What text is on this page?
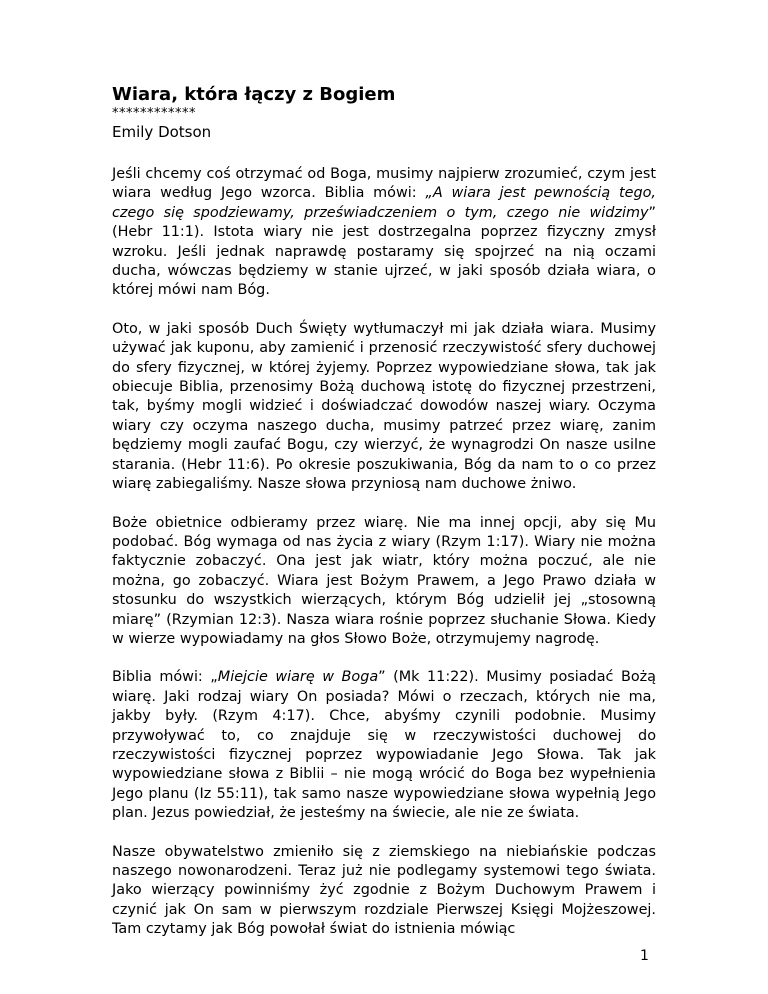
Wiara, która łączy z Bogiem
************
Emily Dotson

Jeśli chcemy coś otrzymać od Boga, musimy najpierw zrozumieć, czym jest wiara według Jego wzorca. Biblia mówi: „A wiara jest pewnością tego, czego się spodziewamy, przeświadczeniem o tym, czego nie widzimy” (Hebr 11:1). Istota wiary nie jest dostrzegalna poprzez fizyczny zmysł wzroku. Jeśli jednak naprawdę postaramy się spojrzeć na nią oczami ducha, wówczas będziemy w stanie ujrzeć, w jaki sposób działa wiara, o której mówi nam Bóg.

Oto, w jaki sposób Duch Święty wytłumaczył mi jak działa wiara. Musimy używać jak kuponu, aby zamienić i przenosić rzeczywistość sfery duchowej do sfery fizycznej, w której żyjemy. Poprzez wypowiedziane słowa, tak jak obiecuje Biblia, przenosimy Bożą duchową istotę do fizycznej przestrzeni, tak, byśmy mogli widzieć i doświadczać dowodów naszej wiary. Oczyma wiary czy oczyma naszego ducha, musimy patrzeć przez wiarę, zanim będziemy mogli zaufać Bogu, czy wierzyć, że wynagrodzi On nasze usilne starania. (Hebr 11:6). Po okresie poszukiwania, Bóg da nam to o co przez wiarę zabiegaliśmy. Nasze słowa przyniosą nam duchowe żniwo.

Boże obietnice odbieramy przez wiarę. Nie ma innej opcji, aby się Mu podobać. Bóg wymaga od nas życia z wiary (Rzym 1:17). Wiary nie można faktycznie zobaczyć. Ona jest jak wiatr, który można poczuć, ale nie można, go zobaczyć. Wiara jest Bożym Prawem, a Jego Prawo działa w stosunku do wszystkich wierzących, którym Bóg udzielił jej „stosowną miarę” (Rzymian 12:3). Nasza wiara rośnie poprzez słuchanie Słowa. Kiedy w wierze wypowiadamy na głos Słowo Boże, otrzymujemy nagrodę.

Biblia mówi: „Miejcie wiarę w Boga” (Mk 11:22). Musimy posiadać Bożą wiarę. Jaki rodzaj wiary On posiada? Mówi o rzeczach, których nie ma, jakby były. (Rzym 4:17). Chce, abyśmy czynili podobnie. Musimy przywoływać to, co znajduje się w rzeczywistości duchowej do rzeczywistości fizycznej poprzez wypowiadanie Jego Słowa. Tak jak wypowiedziane słowa z Biblii – nie mogą wrócić do Boga bez wypełnienia Jego planu (Iz 55:11), tak samo nasze wypowiedziane słowa wypełnią Jego plan. Jezus powiedział, że jesteśmy na świecie, ale nie ze świata.

Nasze obywatelstwo zmieniło się z ziemskiego na niebiańskie podczas naszego nowonarodzeni. Teraz już nie podlegamy systemowi tego świata. Jako wierzący powinniśmy żyć zgodnie z Bożym Duchowym Prawem i czynić jak On sam w pierwszym rozdziale Pierwszej Księgi Mojżeszowej. Tam czytamy jak Bóg powołał świat do istnienia mówiąc

1
